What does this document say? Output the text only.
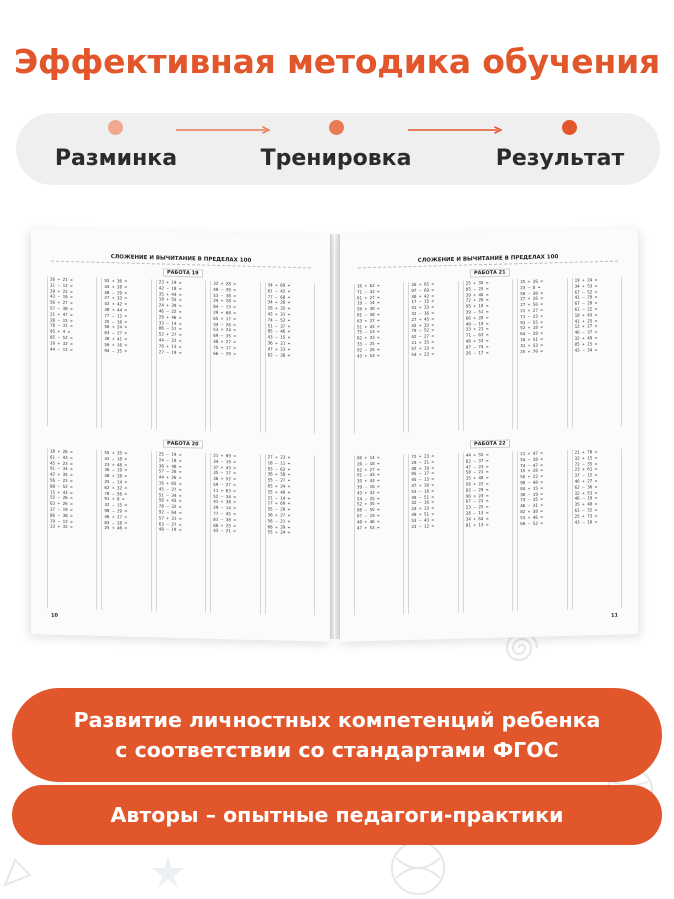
Эффективная методика обучения
Разминка	Тренировка	Результат
СЛОЖЕНИЕ И ВЫЧИТАНИЕ В ПРЕДЕЛАХ 100
РАБОТА 19
26 + 21 =
31 – 12 =
29 + 22 =
43 – 16 =
56 + 27 =
57 – 38 =
21 + 47 =
28 – 15 =
78 – 31 =
95 + 4 =
85 – 52 =
19 + 32 =
44 – 12 =
55 + 36 =
44 + 28 =
48 – 29 =
27 + 33 =
43 + 42 =
38 + 44 =
77 – 12 =
25 – 16 =
56 + 24 =
63 – 27 =
38 + 41 =
56 + 16 =
94 – 35 =
23 + 19 =
42 – 18 =
35 + 44 =
18 + 55 =
24 + 39 =
46 – 22 =
29 + 46 =
33 – 14 =
86 – 51 =
52 + 27 =
44 – 22 =
76 + 13 =
27 – 19 =
32 + 28 =
40 – 39 =
53 – 38 =
24 + 28 =
84 – 13 =
29 + 68 =
65 + 17 =
34 – 26 =
53 + 24 =
69 – 35 =
48 + 27 =
75 + 17 =
66 – 29 =
34 + 69 =
61 – 42 =
77 – 68 =
34 + 26 =
26 + 35 =
42 + 31 =
74 – 52 =
51 – 37 =
85 – 46 =
43 – 15 =
36 + 21 =
47 + 23 =
62 – 38 =
РАБОТА 20
18 + 26 =
61 – 43 =
45 + 23 =
91 – 34 =
42 + 35 =
56 – 23 =
88 – 52 =
15 + 43 =
55 – 26 =
63 + 26 =
37 – 19 =
86 – 38 =
79 – 12 =
33 + 32 =
55 + 35 =
42 – 18 =
23 + 48 =
36 – 19 =
48 + 28 =
25 – 14 =
62 + 32 =
78 – 56 =
91 + 8 =
32 – 15 =
98 – 29 =
46 + 27 =
83 – 28 =
25 + 40 =
25 – 19 =
24 – 18 =
36 + 48 =
57 – 26 =
44 + 26 =
16 + 65 =
45 – 27 =
51 – 34 =
56 + 43 =
78 – 32 =
92 – 64 =
57 + 31 =
63 – 27 =
48 – 19 =
21 + 69 =
34 – 19 =
37 + 43 =
35 – 17 =
36 + 52 =
59 – 27 =
11 + 63 =
52 – 34 =
41 + 38 =
29 – 14 =
77 – 45 =
81 – 38 =
66 + 25 =
43 – 21 =
27 + 23 =
18 – 11 =
93 – 63 =
36 + 58 =
55 – 27 =
65 + 24 =
25 + 46 =
21 – 14 =
17 + 69 =
55 – 29 =
36 + 27 =
56 – 21 =
68 + 29 =
55 + 24 =
10
СЛОЖЕНИЕ И ВЫЧИТАНИЕ В ПРЕДЕЛАХ 100
РАБОТА 21
16 + 62 =
71 – 32 =
61 + 27 =
19 – 14 =
50 + 30 =
81 – 38 =
63 + 27 =
51 + 43 =
75 – 13 =
62 + 33 =
33 – 25 =
92 – 26 =
43 + 53 =
26 + 65 =
97 – 69 =
48 + 42 =
17 – 15 =
41 + 33 =
32 – 16 =
27 + 45 =
43 + 33 =
79 – 52 =
42 – 27 =
21 + 33 =
57 + 13 =
54 + 23 =
25 + 35 =
85 – 25 =
39 + 46 =
72 + 26 =
95 + 10 =
39 – 51 =
66 + 28 =
40 – 19 =
33 + 21 =
71 – 63 =
46 + 53 =
87 – 74 =
26 – 17 =
25 + 26 =
23 – 8 =
50 – 30 =
27 + 26 =
27 + 56 =
21 + 27 =
71 – 23 =
91 – 55 =
52 + 18 =
64 – 28 =
18 + 51 =
31 + 53 =
25 + 70 =
19 + 24 =
34 + 53 =
67 – 52 =
41 – 29 =
67 – 28 =
61 – 22 =
18 + 43 =
41 + 25 =
12 + 27 =
46 – 37 =
32 + 49 =
85 + 15 =
43 – 34 =
РАБОТА 22
80 + 14 =
26 – 18 =
62 + 27 =
91 – 43 =
35 + 43 =
39 – 16 =
43 + 32 =
54 – 25 =
52 + 35 =
88 – 55 =
67 – 19 =
48 + 46 =
47 + 53 =
72 + 23 =
29 – 21 =
48 + 19 =
95 – 17 =
45 – 13 =
47 + 38 =
53 – 18 =
49 – 51 =
32 – 16 =
24 + 13 =
49 + 51 =
53 – 43 =
23 – 12 =
44 + 55 =
82 – 37 =
47 – 23 =
58 – 21 =
35 + 48 =
56 + 22 =
82 – 29 =
96 + 23 =
67 – 21 =
23 – 25 =
28 – 13 =
34 + 64 =
81 + 13 =
21 + 47 =
54 – 38 =
74 – 47 =
15 + 28 =
56 + 22 =
98 – 48 =
84 + 15 =
38 – 19 =
73 – 35 =
46 – 31 =
82 + 38 =
53 + 46 =
60 – 52 =
21 + 78 =
32 + 15 =
72 – 35 =
23 + 61 =
37 – 15 =
46 + 27 =
62 – 36 =
32 + 53 =
46 – 19 =
35 + 48 =
61 – 32 =
25 + 73 =
43 – 18 =
11
Развитие личностных компетенций ребенка
с соответствии со стандартами ФГОС
Авторы – опытные педагоги-практики
